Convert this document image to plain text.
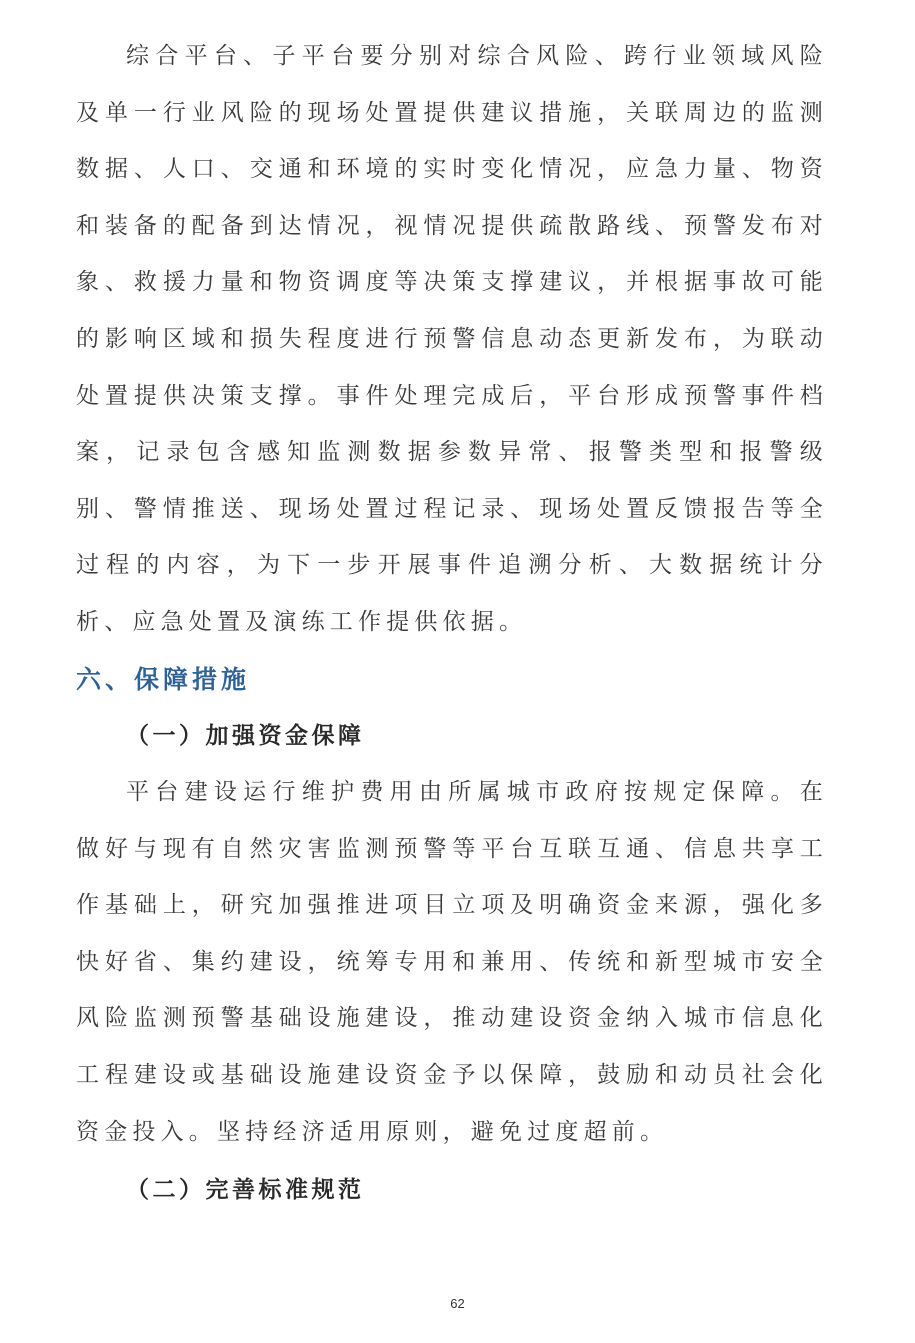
综合平台、子平台要分别对综合风险、跨行业领域风险及单一行业风险的现场处置提供建议措施，关联周边的监测数据、人口、交通和环境的实时变化情况，应急力量、物资和装备的配备到达情况，视情况提供疏散路线、预警发布对象、救援力量和物资调度等决策支撑建议，并根据事故可能的影响区域和损失程度进行预警信息动态更新发布，为联动处置提供决策支撑。事件处理完成后，平台形成预警事件档案，记录包含感知监测数据参数异常、报警类型和报警级别、警情推送、现场处置过程记录、现场处置反馈报告等全过程的内容，为下一步开展事件追溯分析、大数据统计分析、应急处置及演练工作提供依据。

六、保障措施
（一）加强资金保障

平台建设运行维护费用由所属城市政府按规定保障。在做好与现有自然灾害监测预警等平台互联互通、信息共享工作基础上，研究加强推进项目立项及明确资金来源，强化多快好省、集约建设，统筹专用和兼用、传统和新型城市安全风险监测预警基础设施建设，推动建设资金纳入城市信息化工程建设或基础设施建设资金予以保障，鼓励和动员社会化资金投入。坚持经济适用原则，避免过度超前。

（二）完善标准规范
62
